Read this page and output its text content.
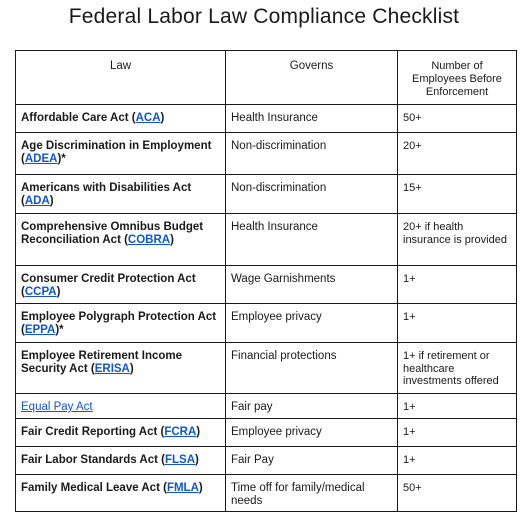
Federal Labor Law Compliance Checklist
Law	Governs	Number of Employees Before Enforcement
Affordable Care Act (ACA)	Health Insurance	50+
Age Discrimination in Employment (ADEA)*	Non-discrimination	20+
Americans with Disabilities Act (ADA)	Non-discrimination	15+
Comprehensive Omnibus Budget Reconciliation Act (COBRA)	Health Insurance	20+ if health insurance is provided
Consumer Credit Protection Act (CCPA)	Wage Garnishments	1+
Employee Polygraph Protection Act (EPPA)*	Employee privacy	1+
Employee Retirement Income Security Act (ERISA)	Financial protections	1+ if retirement or healthcare investments offered
Equal Pay Act	Fair pay	1+
Fair Credit Reporting Act (FCRA)	Employee privacy	1+
Fair Labor Standards Act (FLSA)	Fair Pay	1+
Family Medical Leave Act (FMLA)	Time off for family/medical needs	50+
